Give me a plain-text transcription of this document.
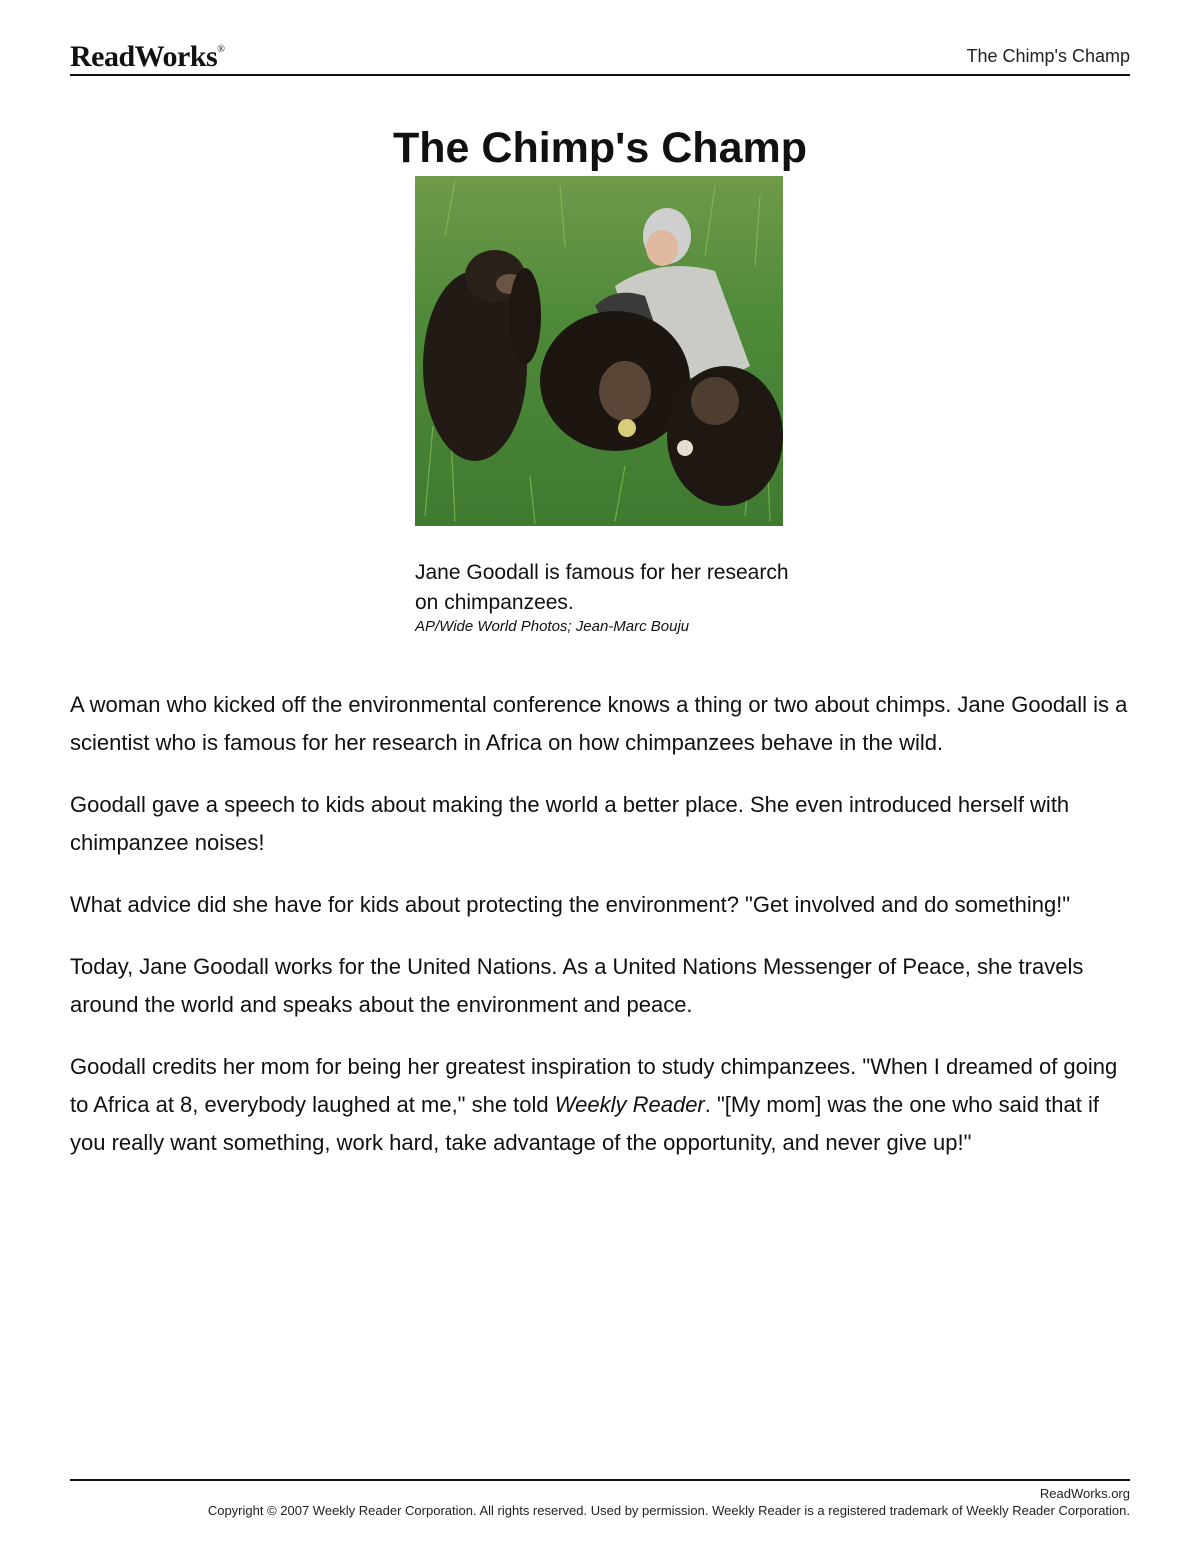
ReadWorks®	The Chimp's Champ
The Chimp's Champ
Jane Goodall is famous for her research on chimpanzees.
AP/Wide World Photos; Jean-Marc Bouju

A woman who kicked off the environmental conference knows a thing or two about chimps. Jane Goodall is a scientist who is famous for her research in Africa on how chimpanzees behave in the wild.

Goodall gave a speech to kids about making the world a better place. She even introduced herself with chimpanzee noises!

What advice did she have for kids about protecting the environment? "Get involved and do something!"

Today, Jane Goodall works for the United Nations. As a United Nations Messenger of Peace, she travels around the world and speaks about the environment and peace.

Goodall credits her mom for being her greatest inspiration to study chimpanzees. "When I dreamed of going to Africa at 8, everybody laughed at me," she told Weekly Reader. "[My mom] was the one who said that if you really want something, work hard, take advantage of the opportunity, and never give up!"

ReadWorks.org
Copyright © 2007 Weekly Reader Corporation. All rights reserved. Used by permission. Weekly Reader is a registered trademark of Weekly Reader Corporation.
